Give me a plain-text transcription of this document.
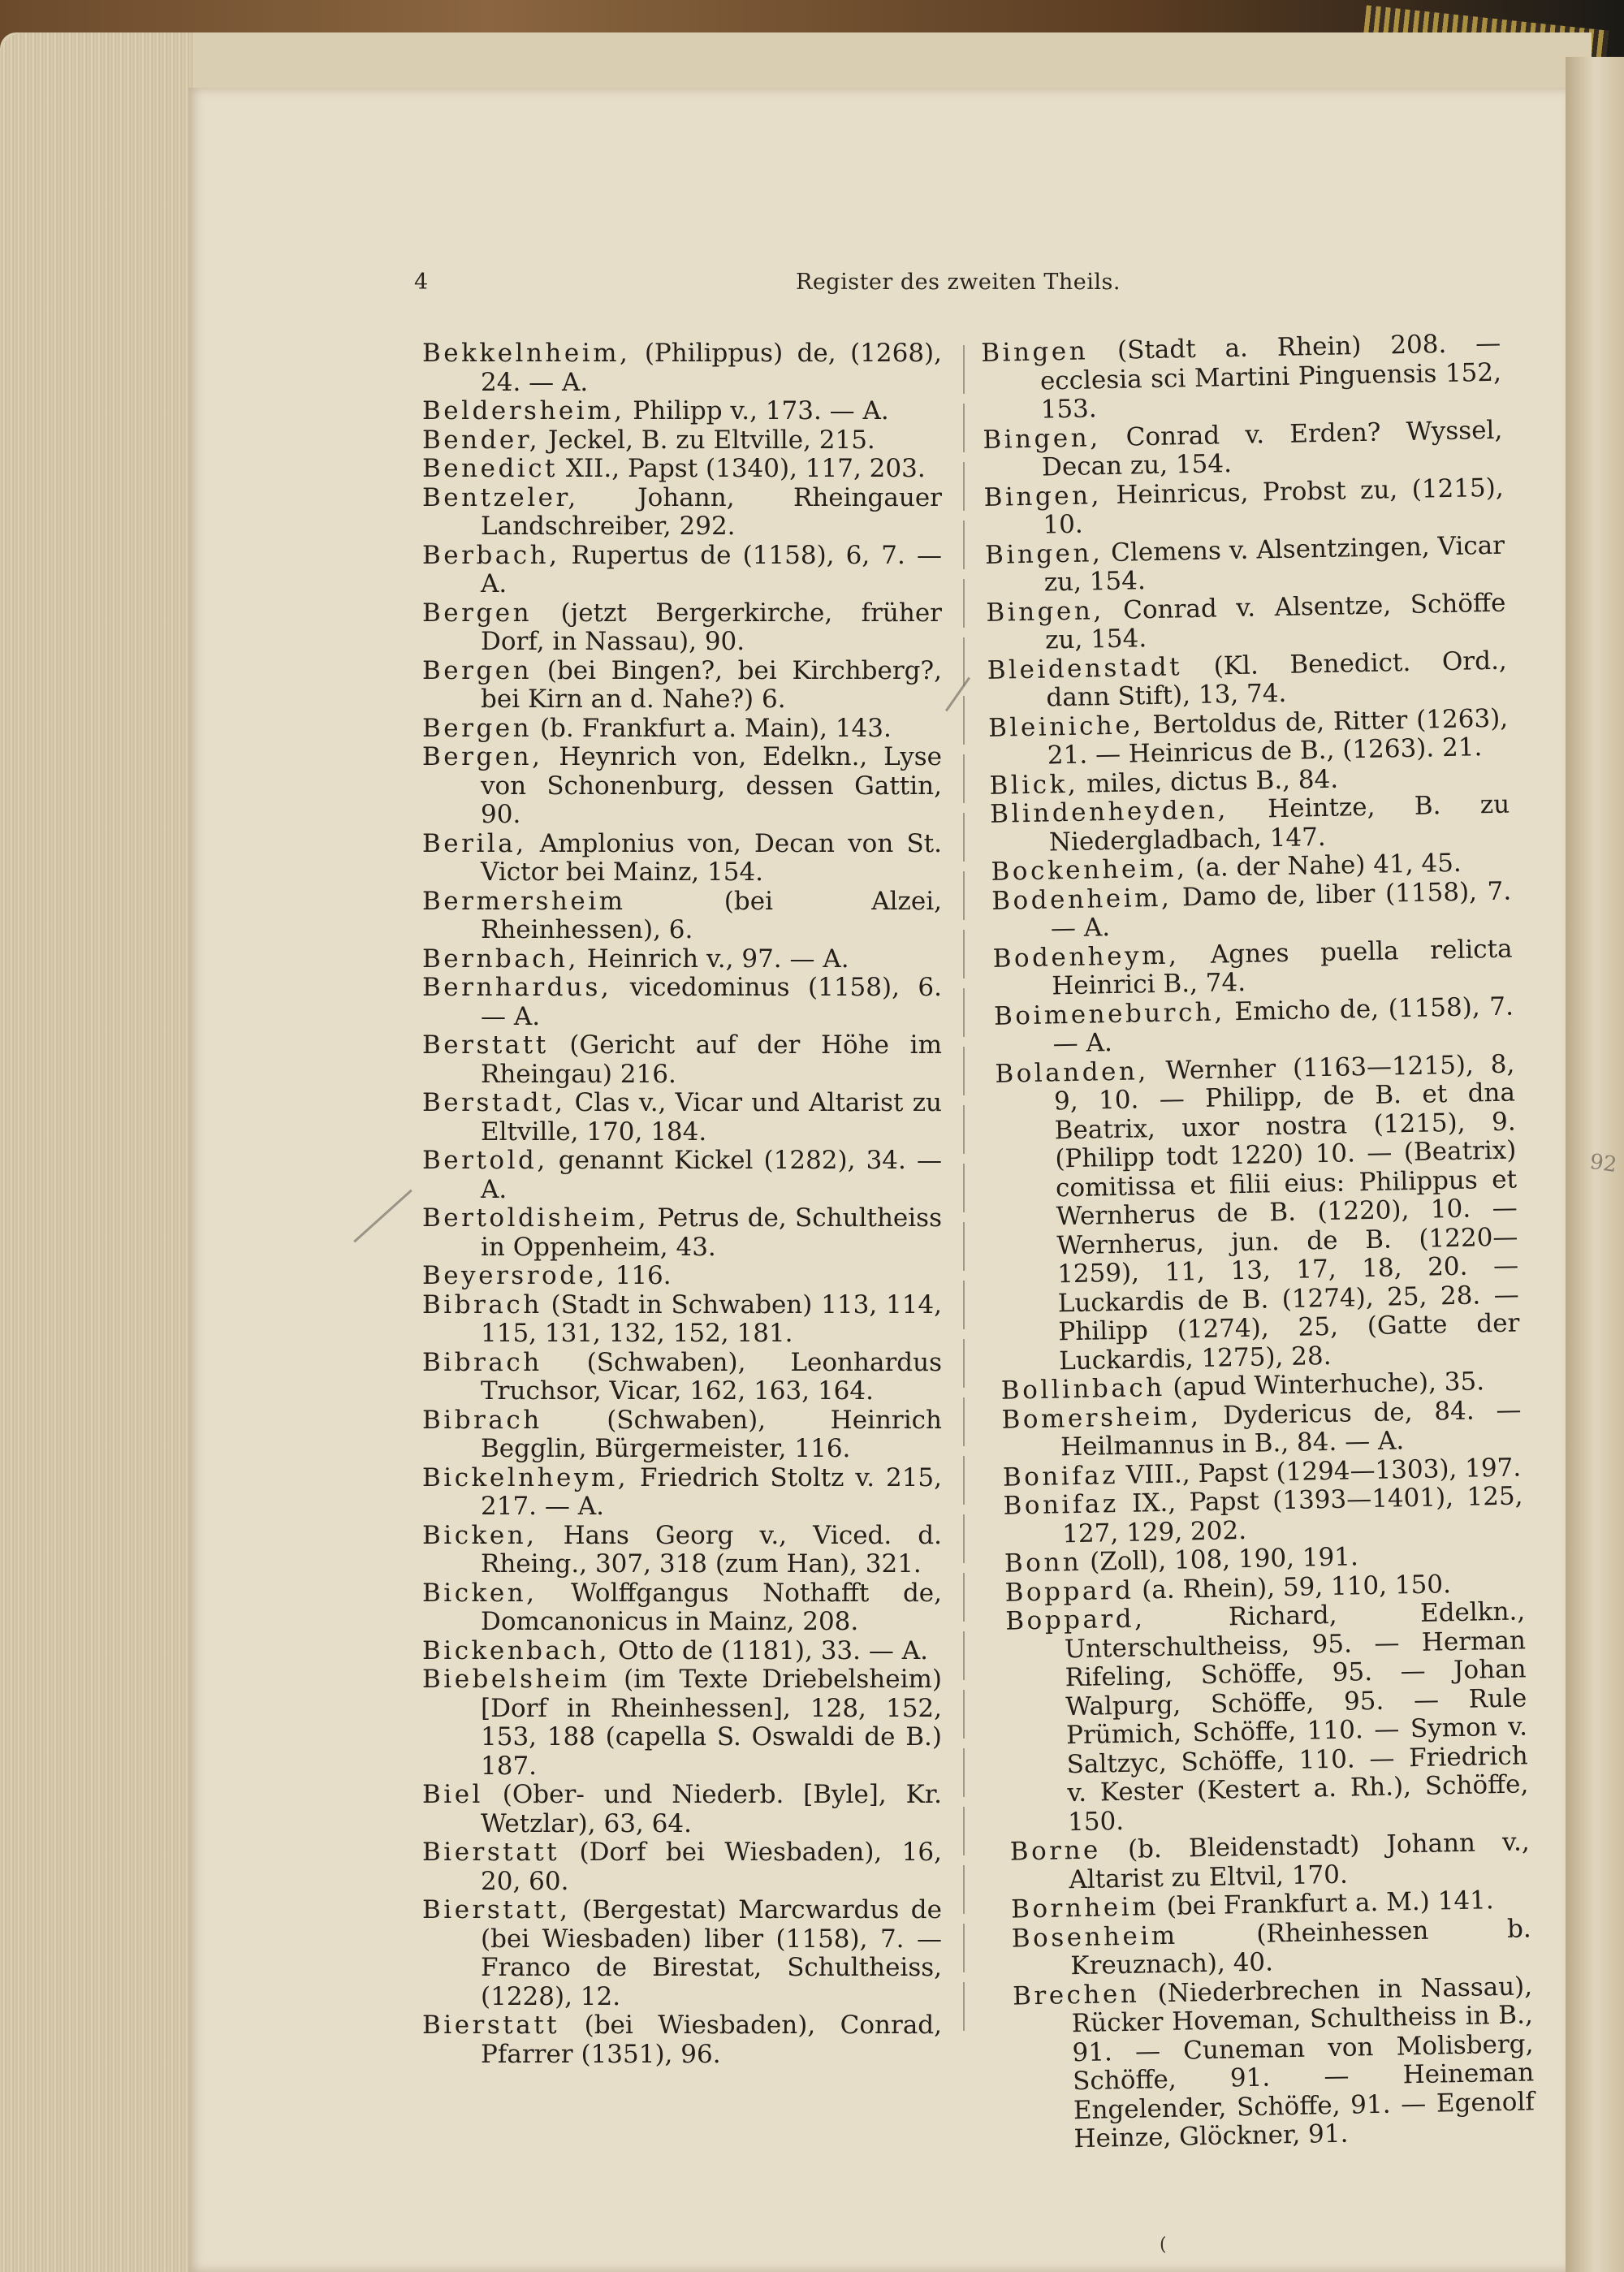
4	Register des zweiten Theils.

Bekkelnheim, (Philippus) de, (1268), 24. — A.

Beldersheim, Philipp v., 173. — A.

Bender, Jeckel, B. zu Eltville, 215.

Benedict XII., Papst (1340), 117, 203.

Bentzeler, Johann, Rheingauer Landschreiber, 292.

Berbach, Rupertus de (1158), 6, 7. — A.

Bergen (jetzt Bergerkirche, früher Dorf, in Nassau), 90.

Bergen (bei Bingen?, bei Kirchberg?, bei Kirn an d. Nahe?) 6.

Bergen (b. Frankfurt a. Main), 143.

Bergen, Heynrich von, Edelkn., Lyse von Schonenburg, dessen Gattin, 90.

Berila, Amplonius von, Decan von St. Victor bei Mainz, 154.

Bermersheim (bei Alzei, Rheinhessen), 6.

Bernbach, Heinrich v., 97. — A.

Bernhardus, vicedominus (1158), 6. — A.

Berstatt (Gericht auf der Höhe im Rheingau) 216.

Berstadt, Clas v., Vicar und Altarist zu Eltville, 170, 184.

Bertold, genannt Kickel (1282), 34. — A.

Bertoldisheim, Petrus de, Schultheiss in Oppenheim, 43.

Beyersrode, 116.

Bibrach (Stadt in Schwaben) 113, 114, 115, 131, 132, 152, 181.

Bibrach (Schwaben), Leonhardus Truchsor, Vicar, 162, 163, 164.

Bibrach (Schwaben), Heinrich Begglin, Bürgermeister, 116.

Bickelnheym, Friedrich Stoltz v. 215, 217. — A.

Bicken, Hans Georg v., Viced. d. Rheing., 307, 318 (zum Han), 321.

Bicken, Wolffgangus Nothafft de, Domcanonicus in Mainz, 208.

Bickenbach, Otto de (1181), 33. — A.

Biebelsheim (im Texte Driebelsheim) [Dorf in Rheinhessen], 128, 152, 153, 188 (capella S. Oswaldi de B.) 187.

Biel (Ober- und Niederb. [Byle], Kr. Wetzlar), 63, 64.

Bierstatt (Dorf bei Wiesbaden), 16, 20, 60.

Bierstatt, (Bergestat) Marcwardus de (bei Wiesbaden) liber (1158), 7. — Franco de Birestat, Schultheiss, (1228), 12.

Bierstatt (bei Wiesbaden), Conrad, Pfarrer (1351), 96.

Bingen (Stadt a. Rhein) 208. — ecclesia sci Martini Pinguensis 152, 153.

Bingen, Conrad v. Erden? Wyssel, Decan zu, 154.

Bingen, Heinricus, Probst zu, (1215), 10.

Bingen, Clemens v. Alsentzingen, Vicar zu, 154.

Bingen, Conrad v. Alsentze, Schöffe zu, 154.

Bleidenstadt (Kl. Benedict. Ord., dann Stift), 13, 74.

Bleiniche, Bertoldus de, Ritter (1263), 21. — Heinricus de B., (1263). 21.

Blick, miles, dictus B., 84.

Blindenheyden, Heintze, B. zu Niedergladbach, 147.

Bockenheim, (a. der Nahe) 41, 45.

Bodenheim, Damo de, liber (1158), 7. — A.

Bodenheym, Agnes puella relicta Heinrici B., 74.

Boimeneburch, Emicho de, (1158), 7. — A.

Bolanden, Wernher (1163—1215), 8, 9, 10. — Philipp, de B. et dna Beatrix, uxor nostra (1215), 9. (Philipp todt 1220) 10. — (Beatrix) comitissa et filii eius: Philippus et Wernherus de B. (1220), 10. — Wernherus, jun. de B. (1220—1259), 11, 13, 17, 18, 20. — Luckardis de B. (1274), 25, 28. — Philipp (1274), 25, (Gatte der Luckardis, 1275), 28.

Bollinbach (apud Winterhuche), 35.

Bomersheim, Dydericus de, 84. — Heilmannus in B., 84. — A.

Bonifaz VIII., Papst (1294—1303), 197.

Bonifaz IX., Papst (1393—1401), 125, 127, 129, 202.

Bonn (Zoll), 108, 190, 191.

Boppard (a. Rhein), 59, 110, 150.

Boppard, Richard, Edelkn., Unterschultheiss, 95. — Herman Rifeling, Schöffe, 95. — Johan Walpurg, Schöffe, 95. — Rule Prümich, Schöffe, 110. — Symon v. Saltzyc, Schöffe, 110. — Friedrich v. Kester (Kestert a. Rh.), Schöffe, 150.

Borne (b. Bleidenstadt) Johann v., Altarist zu Eltvil, 170.

Bornheim (bei Frankfurt a. M.) 141.

Bosenheim (Rheinhessen b. Kreuznach), 40.

Brechen (Niederbrechen in Nassau), Rücker Hoveman, Schultheiss in B., 91. — Cuneman von Molisberg, Schöffe, 91. — Heineman Engelender, Schöffe, 91. — Egenolf Heinze, Glöckner, 91.

92
(
